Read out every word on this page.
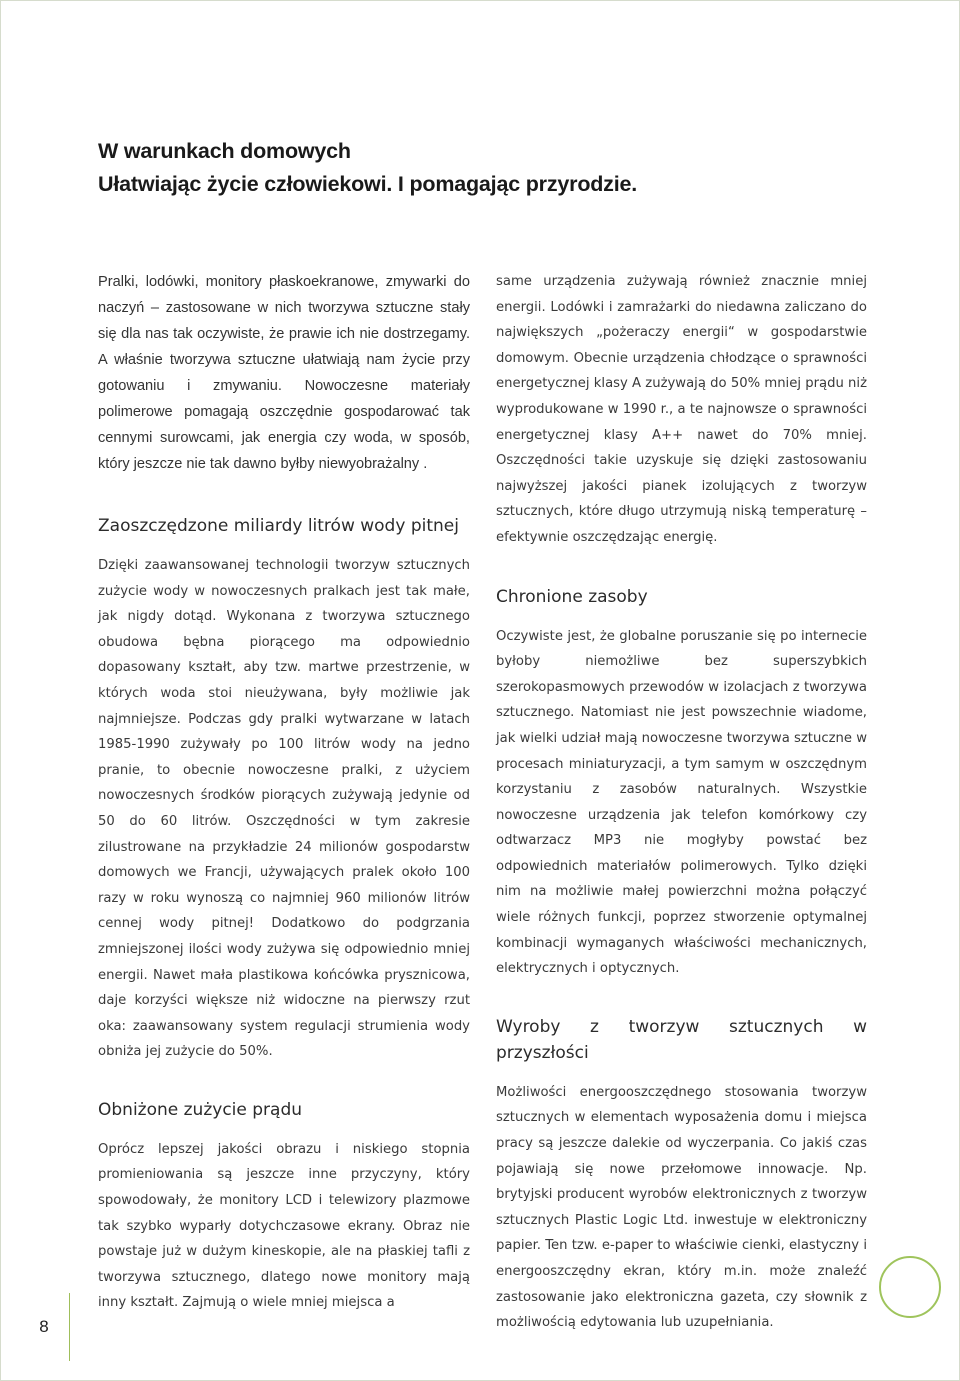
W warunkach domowych
Ułatwiając życie człowiekowi. I pomagając przyrodzie.

Pralki, lodówki, monitory płaskoekranowe, zmywarki do naczyń – zastosowane w nich tworzywa sztuczne stały się dla nas tak oczywiste, że prawie ich nie dostrzegamy. A właśnie tworzywa sztuczne ułatwiają nam życie przy gotowaniu i zmywaniu. Nowoczesne materiały polimerowe pomagają oszczędnie gospodarować tak cennymi surowcami, jak energia czy woda, w sposób, który jeszcze nie tak dawno byłby niewyobrażalny .

Zaoszczędzone miliardy litrów wody pitnej

Dzięki zaawansowanej technologii tworzyw sztucznych zużycie wody w nowoczesnych pralkach jest tak małe, jak nigdy dotąd. Wykonana z tworzywa sztucznego obudowa bębna piorącego ma odpowiednio dopasowany kształt, aby tzw. martwe przestrzenie, w których woda stoi nieużywana, były możliwie jak najmniejsze. Podczas gdy pralki wytwarzane w latach 1985-1990 zużywały po 100 litrów wody na jedno pranie, to obecnie nowoczesne pralki, z użyciem nowoczesnych środków piorących zużywają jedynie od 50 do 60 litrów. Oszczędności w tym zakresie zilustrowane na przykładzie 24 milionów gospodarstw domowych we Francji, używających pralek około 100 razy w roku wynoszą co najmniej 960 milionów litrów cennej wody pitnej! Dodatkowo do podgrzania zmniejszonej ilości wody zużywa się odpowiednio mniej energii. Nawet mała plastikowa końcówka prysznicowa, daje korzyści większe niż widoczne na pierwszy rzut oka: zaawansowany system regulacji strumienia wody obniża jej zużycie do 50%.

Obniżone zużycie prądu

Oprócz lepszej jakości obrazu i niskiego stopnia promieniowania są jeszcze inne przyczyny, który spowodowały, że monitory LCD i telewizory plazmowe tak szybko wyparły dotychczasowe ekrany. Obraz nie powstaje już w dużym kineskopie, ale na płaskiej tafli z tworzywa sztucznego, dlatego nowe monitory mają inny kształt. Zajmują o wiele mniej miejsca a

same urządzenia zużywają również znacznie mniej energii. Lodówki i zamrażarki do niedawna zaliczano do największych „pożeraczy energii“ w gospodarstwie domowym. Obecnie urządzenia chłodzące o sprawności energetycznej klasy A zużywają do 50% mniej prądu niż wyprodukowane w 1990 r., a te najnowsze o sprawności energetycznej klasy A++ nawet do 70% mniej. Oszczędności takie uzyskuje się dzięki zastosowaniu najwyższej jakości pianek izolujących z tworzyw sztucznych, które długo utrzymują niską temperaturę – efektywnie oszczędzając energię.

Chronione zasoby

Oczywiste jest, że globalne poruszanie się po internecie byłoby niemożliwe bez superszybkich szerokopasmowych przewodów w izolacjach z tworzywa sztucznego. Natomiast nie jest powszechnie wiadome, jak wielki udział mają nowoczesne tworzywa sztuczne w procesach miniaturyzacji, a tym samym w oszczędnym korzystaniu z zasobów naturalnych. Wszystkie nowoczesne urządzenia jak telefon komórkowy czy odtwarzacz MP3 nie mogłyby powstać bez odpowiednich materiałów polimerowych. Tylko dzięki nim na możliwie małej powierzchni można połączyć wiele różnych funkcji, poprzez stworzenie optymalnej kombinacji wymaganych właściwości mechanicznych, elektrycznych i optycznych.

Wyroby z tworzyw sztucznych w przyszłości

Możliwości energooszczędnego stosowania tworzyw sztucznych w elementach wyposażenia domu i miejsca pracy są jeszcze dalekie od wyczerpania. Co jakiś czas pojawiają się nowe przełomowe innowacje. Np. brytyjski producent wyrobów elektronicznych z tworzyw sztucznych Plastic Logic Ltd. inwestuje w elektroniczny papier. Ten tzw. e-paper to właściwie cienki, elastyczny i energooszczędny ekran, który m.in. może znaleźć zastosowanie jako elektroniczna gazeta, czy słownik z możliwością edytowania lub uzupełniania.

8
